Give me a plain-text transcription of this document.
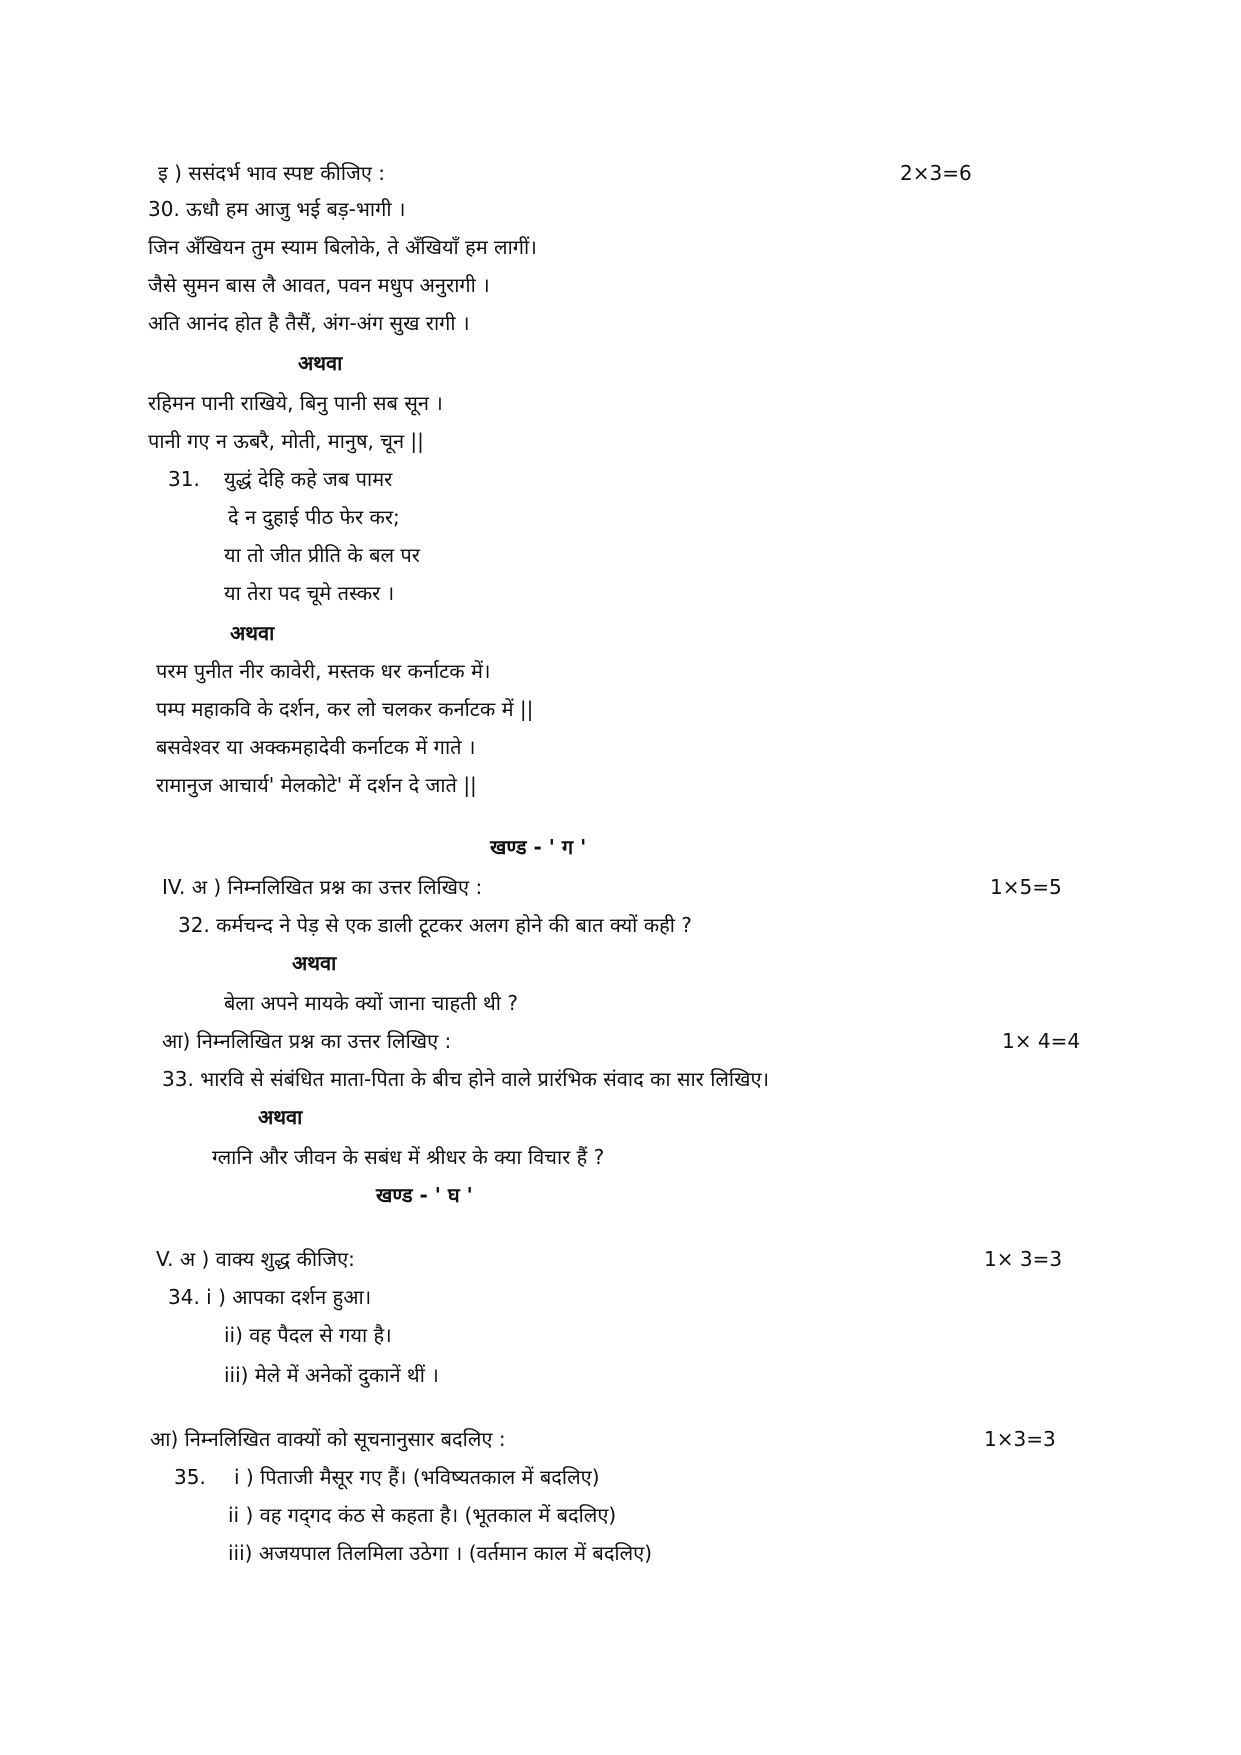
इ ) ससंदर्भ भाव स्पष्ट कीजिए :	2×3=6
30. ऊधौ हम आजु भई बड़-भागी ।
जिन अँखियन तुम स्याम बिलोके, ते अँखियाँ हम लागीं।
जैसे सुमन बास लै आवत, पवन मधुप अनुरागी ।
अति आनंद होत है तैसैं, अंग-अंग सुख रागी ।
अथवा
रहिमन पानी राखिये, बिनु पानी सब सून ।
पानी गए न ऊबरै, मोती, मानुष, चून ||
31. युद्धं देहि कहे जब पामर
दे न दुहाई पीठ फेर कर;
या तो जीत प्रीति के बल पर
या तेरा पद चूमे तस्कर ।
अथवा
परम पुनीत नीर कावेरी, मस्तक धर कर्नाटक में।
पम्प महाकवि के दर्शन, कर लो चलकर कर्नाटक में ||
बसवेश्वर या अक्कमहादेवी कर्नाटक में गाते ।
रामानुज आचार्य' मेलकोटे' में दर्शन दे जाते ||
खण्ड - ' ग '
IV. अ ) निम्नलिखित प्रश्न का उत्तर लिखिए :	1×5=5
32. कर्मचन्द ने पेड़ से एक डाली टूटकर अलग होने की बात क्यों कही ?
अथवा
बेला अपने मायके क्यों जाना चाहती थी ?
आ) निम्नलिखित प्रश्न का उत्तर लिखिए :	1× 4=4
33. भारवि से संबंधित माता-पिता के बीच होने वाले प्रारंभिक संवाद का सार लिखिए।
अथवा
ग्लानि और जीवन के सबंध में श्रीधर के क्या विचार हैं ?
खण्ड - ' घ '
V. अ ) वाक्य शुद्ध कीजिए:	1× 3=3
34. i ) आपका दर्शन हुआ।
ii) वह पैदल से गया है।
iii) मेले में अनेकों दुकानें थीं ।
आ) निम्नलिखित वाक्यों को सूचनानुसार बदलिए :	1×3=3
35. i ) पिताजी मैसूर गए हैं। (भविष्यतकाल में बदलिए)
ii ) वह गद्‌गद कंठ से कहता है। (भूतकाल में बदलिए)
iii) अजयपाल तिलमिला उठेगा । (वर्तमान काल में बदलिए)
